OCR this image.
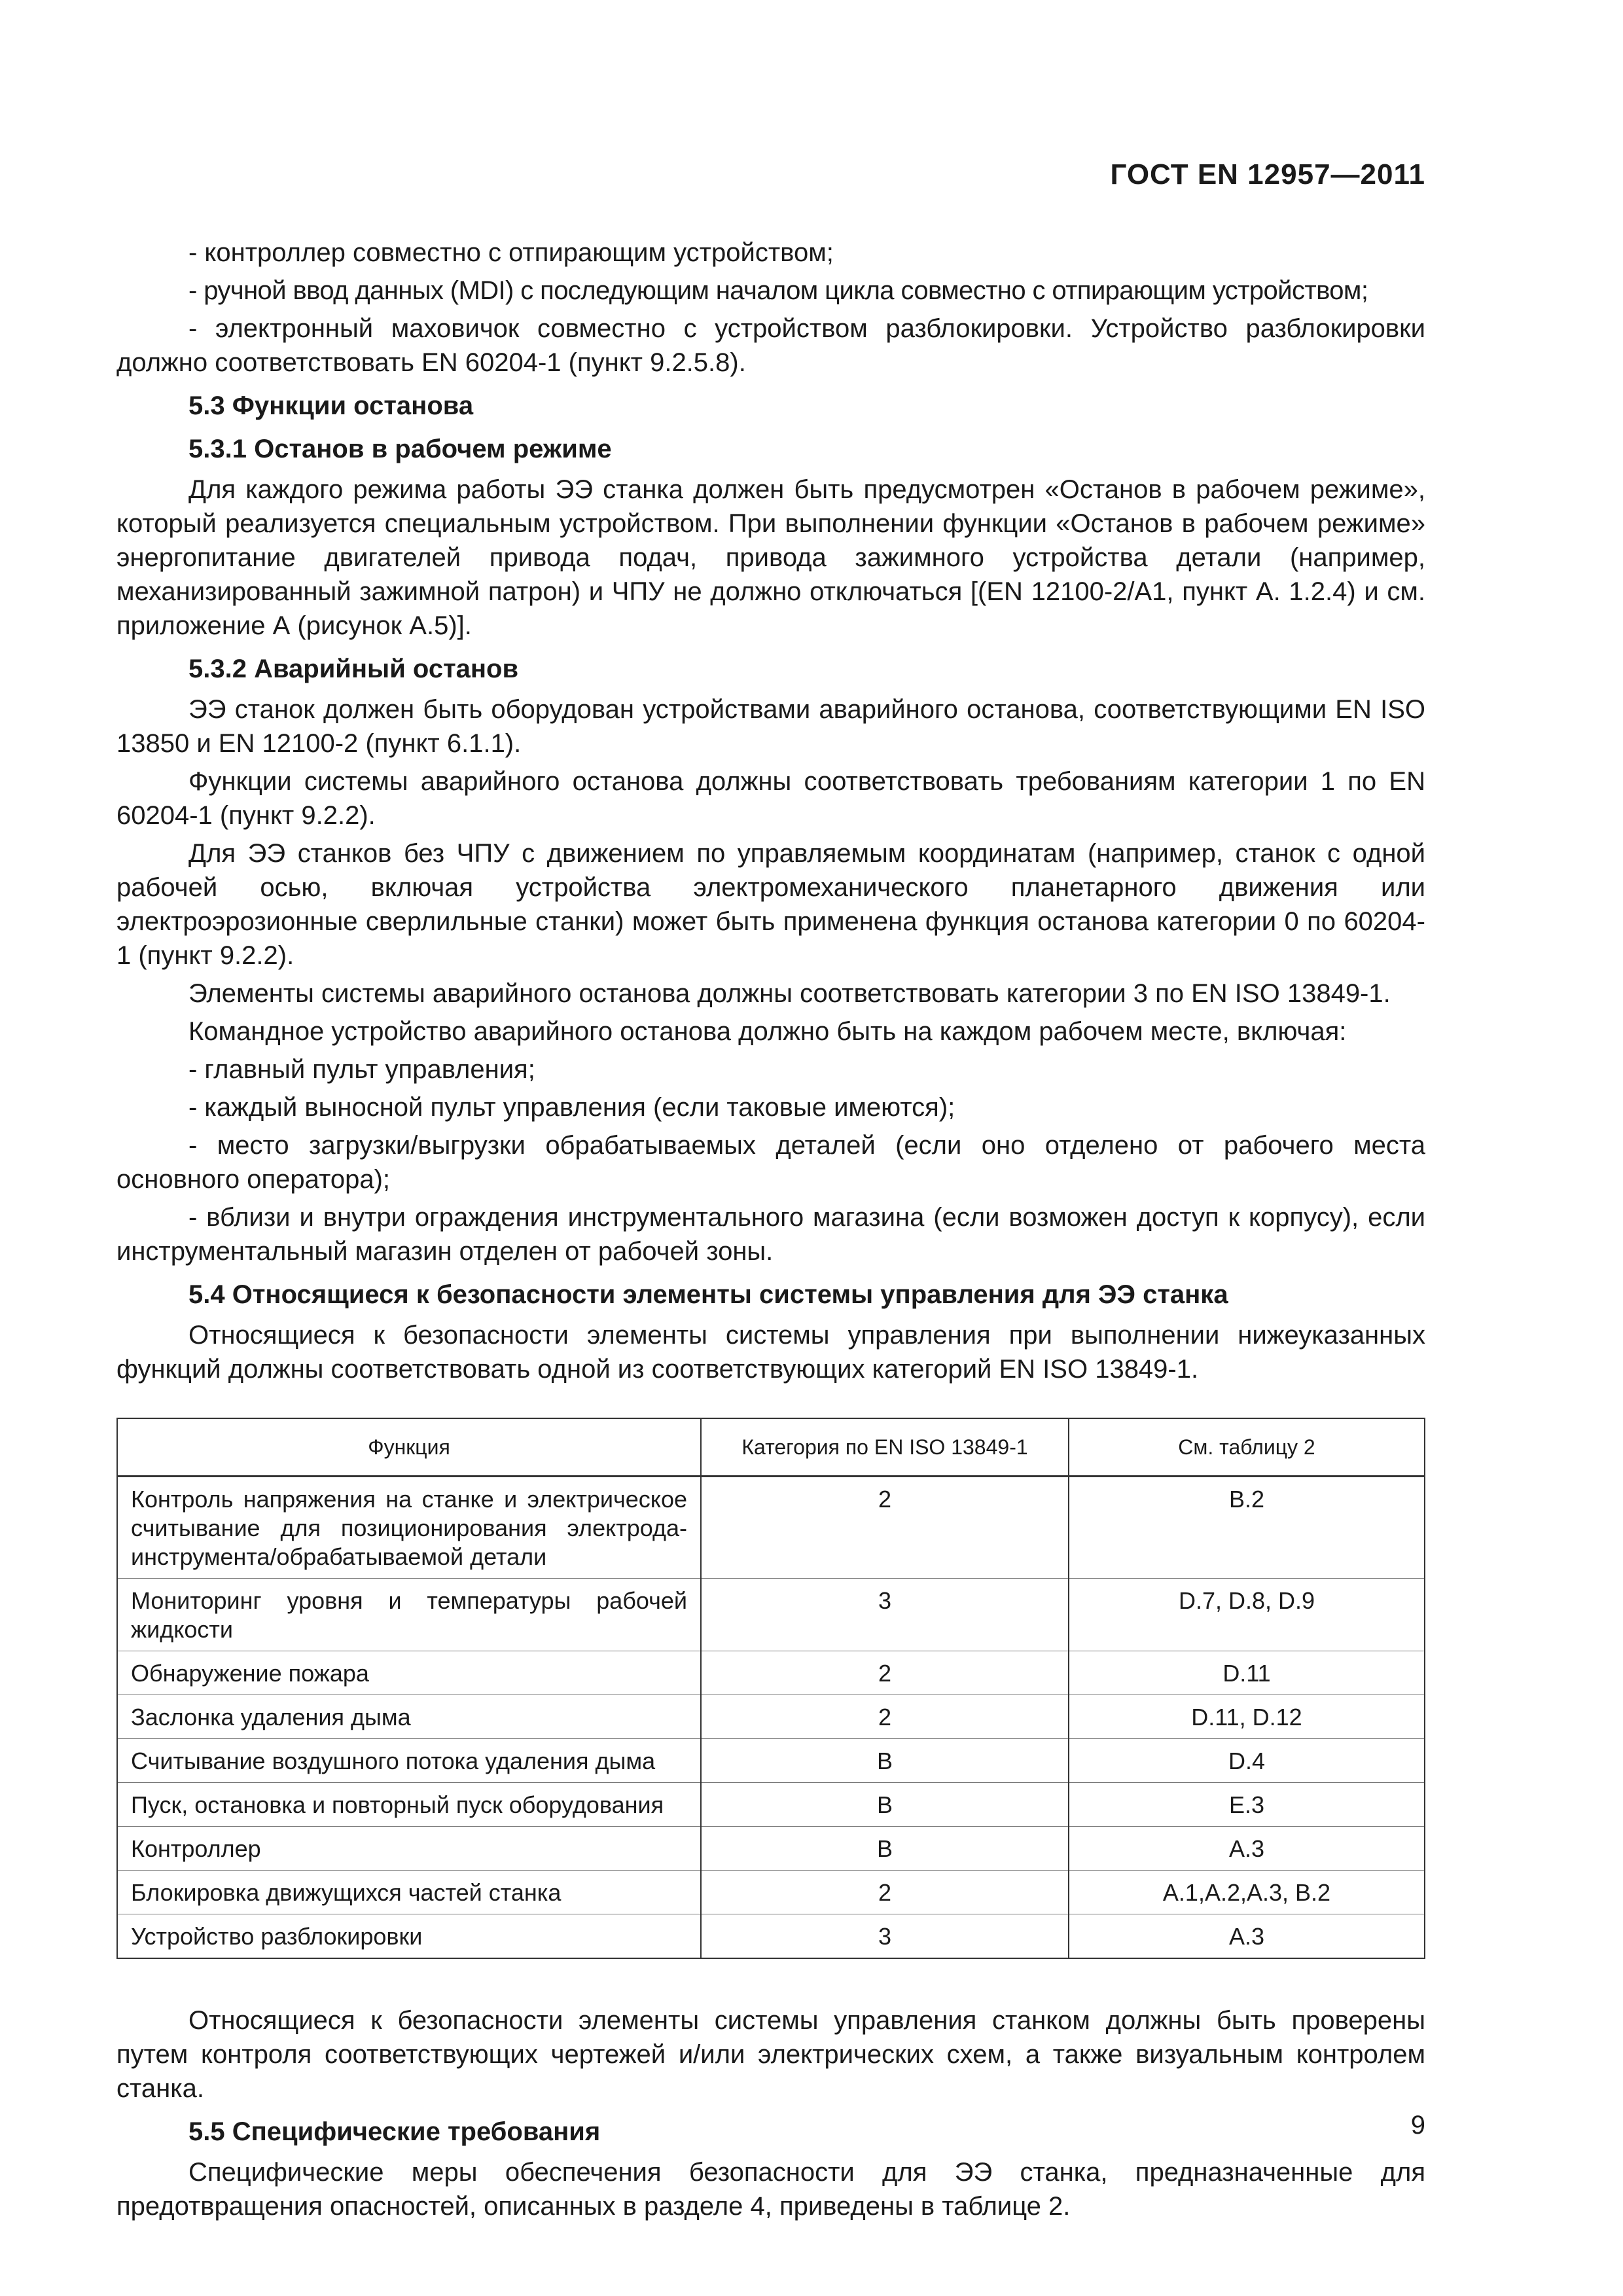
ГОСТ EN 12957—2011

- контроллер совместно с отпирающим устройством;

- ручной ввод данных (MDI) с последующим началом цикла совместно с отпирающим устройством;

- электронный маховичок совместно с устройством разблокировки. Устройство разблокировки должно соответствовать EN 60204-1 (пункт 9.2.5.8).

5.3 Функции останова
5.3.1 Останов в рабочем режиме

Для каждого режима работы ЭЭ станка должен быть предусмотрен «Останов в рабочем режиме», который реализуется специальным устройством. При выполнении функции «Останов в рабочем режиме» энергопитание двигателей привода подач, привода зажимного устройства детали (например, механизированный зажимной патрон) и ЧПУ не должно отключаться [(EN 12100-2/A1, пункт A. 1.2.4) и см. приложение А (рисунок А.5)].

5.3.2 Аварийный останов

ЭЭ станок должен быть оборудован устройствами аварийного останова, соответствующими EN ISO 13850 и EN 12100-2 (пункт 6.1.1).

Функции системы аварийного останова должны соответствовать требованиям категории 1 по EN 60204-1 (пункт 9.2.2).

Для ЭЭ станков без ЧПУ с движением по управляемым координатам (например, станок с одной рабочей осью, включая устройства электромеханического планетарного движения или электроэрозионные сверлильные станки) может быть применена функция останова категории 0 по 60204-1 (пункт 9.2.2).

Элементы системы аварийного останова должны соответствовать категории 3 по EN ISO 13849-1.

Командное устройство аварийного останова должно быть на каждом рабочем месте, включая:

- главный пульт управления;

- каждый выносной пульт управления (если таковые имеются);

- место загрузки/выгрузки обрабатываемых деталей (если оно отделено от рабочего места основного оператора);

- вблизи и внутри ограждения инструментального магазина (если возможен доступ к корпусу), если инструментальный магазин отделен от рабочей зоны.

5.4 Относящиеся к безопасности элементы системы управления для ЭЭ станка

Относящиеся к безопасности элементы системы управления при выполнении нижеуказанных функций должны соответствовать одной из соответствующих категорий EN ISO 13849-1.

Функция	Категория по EN ISO 13849-1	См. таблицу 2
Контроль напряжения на станке и электрическое считывание для позиционирования электрода-инструмента/обрабатываемой детали	2	B.2
Мониторинг уровня и температуры рабочей жидкости	3	D.7, D.8, D.9
Обнаружение пожара	2	D.11
Заслонка удаления дыма	2	D.11, D.12
Считывание воздушного потока удаления дыма	B	D.4
Пуск, остановка и повторный пуск оборудования	B	E.3
Контроллер	B	A.3
Блокировка движущихся частей станка	2	A.1,A.2,A.3, B.2
Устройство разблокировки	3	A.3

Относящиеся к безопасности элементы системы управления станком должны быть проверены путем контроля соответствующих чертежей и/или электрических схем, а также визуальным контролем станка.

5.5 Специфические требования

Специфические меры обеспечения безопасности для ЭЭ станка, предназначенные для предотвращения опасностей, описанных в разделе 4, приведены в таблице 2.

9
